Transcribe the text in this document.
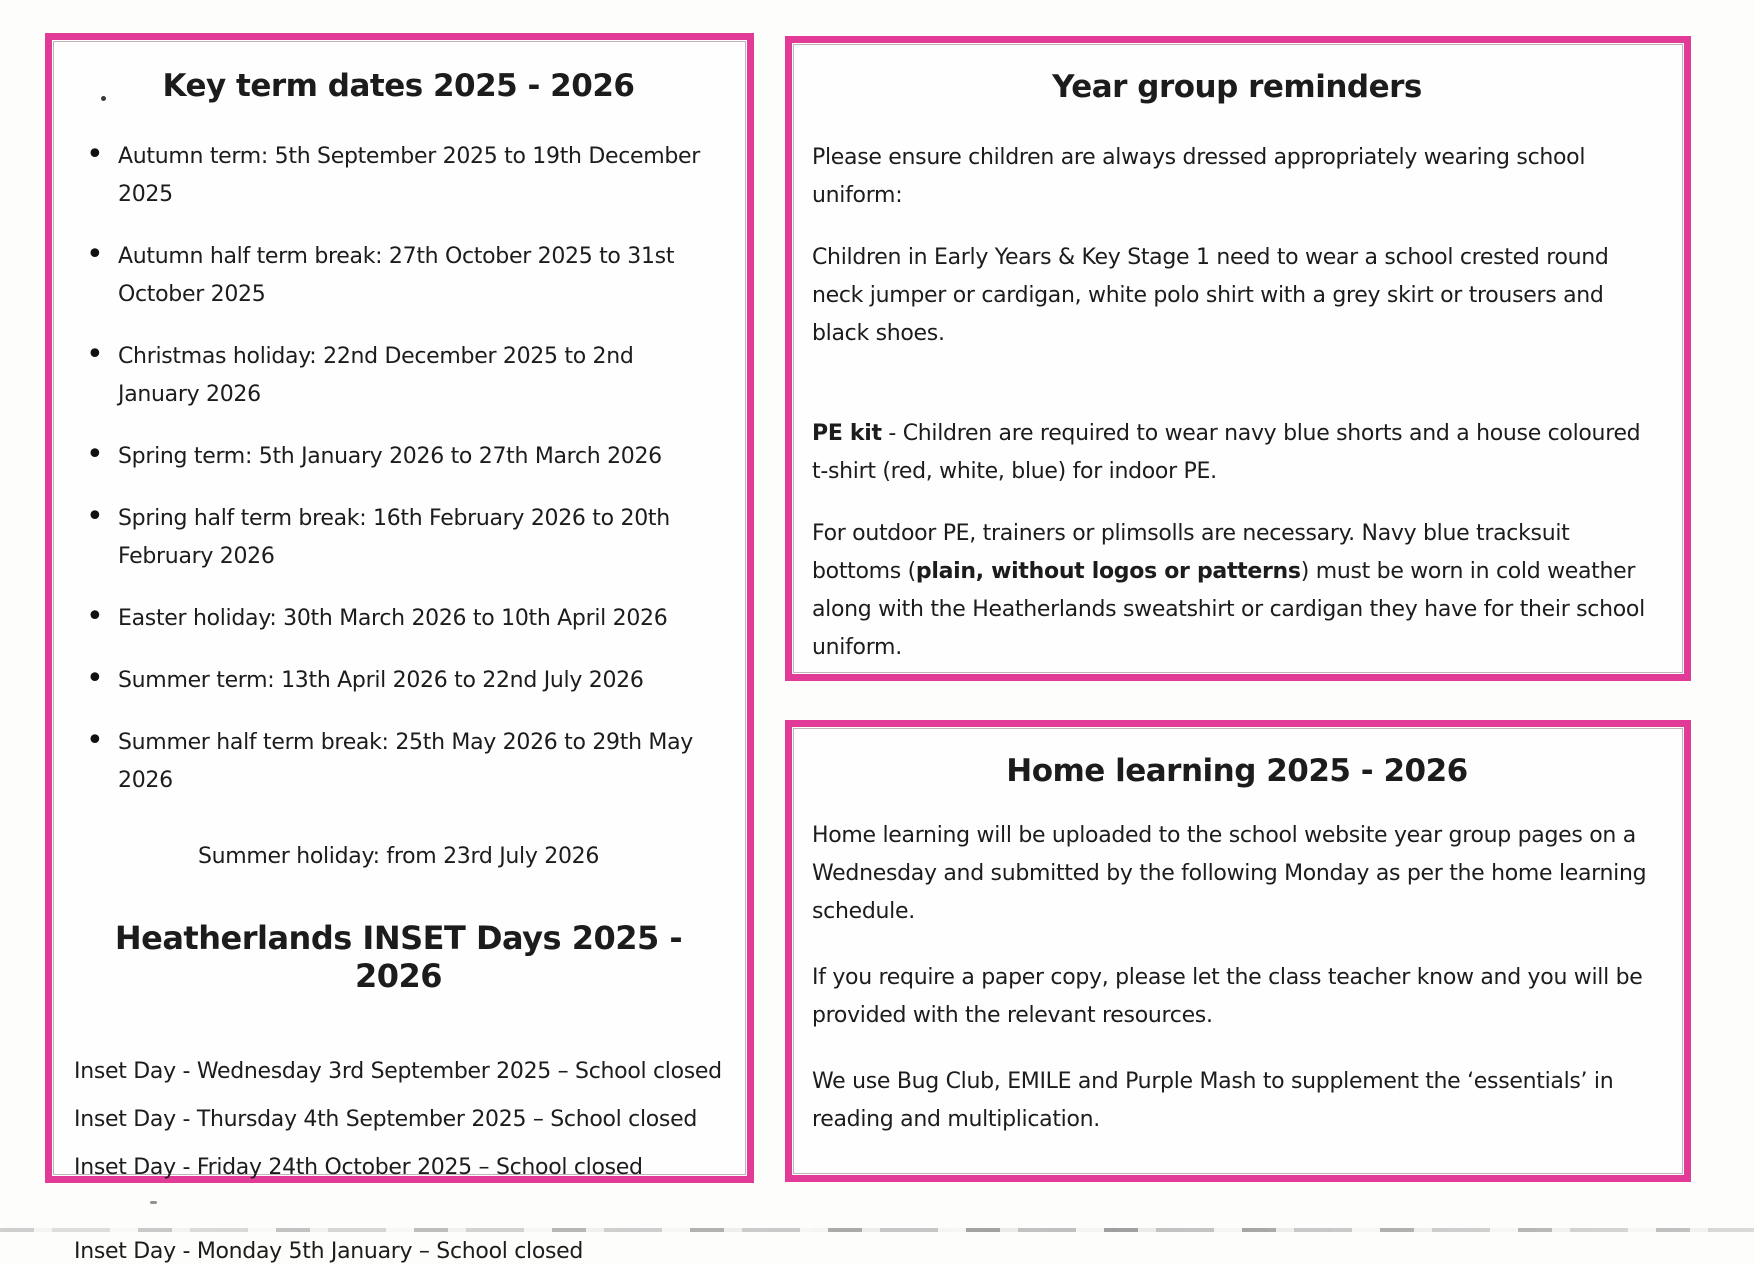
Key term dates 2025 - 2026
• Autumn term: 5th September 2025 to 19th December 2025
• Autumn half term break: 27th October 2025 to 31st October 2025
• Christmas holiday: 22nd December 2025 to 2nd January 2026
• Spring term: 5th January 2026 to 27th March 2026
• Spring half term break: 16th February 2026 to 20th February 2026
• Easter holiday: 30th March 2026 to 10th April 2026
• Summer term: 13th April 2026 to 22nd July 2026
• Summer half term break: 25th May 2026 to 29th May 2026
Summer holiday: from 23rd July 2026
Heatherlands INSET Days 2025 - 2026
Inset Day - Wednesday 3rd September 2025 – School closed
Inset Day - Thursday 4th September 2025 – School closed
Inset Day - Friday 24th October 2025 – School closed
Inset Day - Monday 5th January – School closed
Year group reminders

Please ensure children are always dressed appropriately wearing school uniform:

Children in Early Years & Key Stage 1 need to wear a school crested round neck jumper or cardigan, white polo shirt with a grey skirt or trousers and black shoes.

PE kit - Children are required to wear navy blue shorts and a house coloured t-shirt (red, white, blue) for indoor PE.

For outdoor PE, trainers or plimsolls are necessary. Navy blue tracksuit bottoms (plain, without logos or patterns) must be worn in cold weather along with the Heatherlands sweatshirt or cardigan they have for their school uniform.

Home learning 2025 - 2026

Home learning will be uploaded to the school website year group pages on a Wednesday and submitted by the following Monday as per the home learning schedule.

If you require a paper copy, please let the class teacher know and you will be provided with the relevant resources.

We use Bug Club, EMILE and Purple Mash to supplement the ‘essentials’ in reading and multiplication.
